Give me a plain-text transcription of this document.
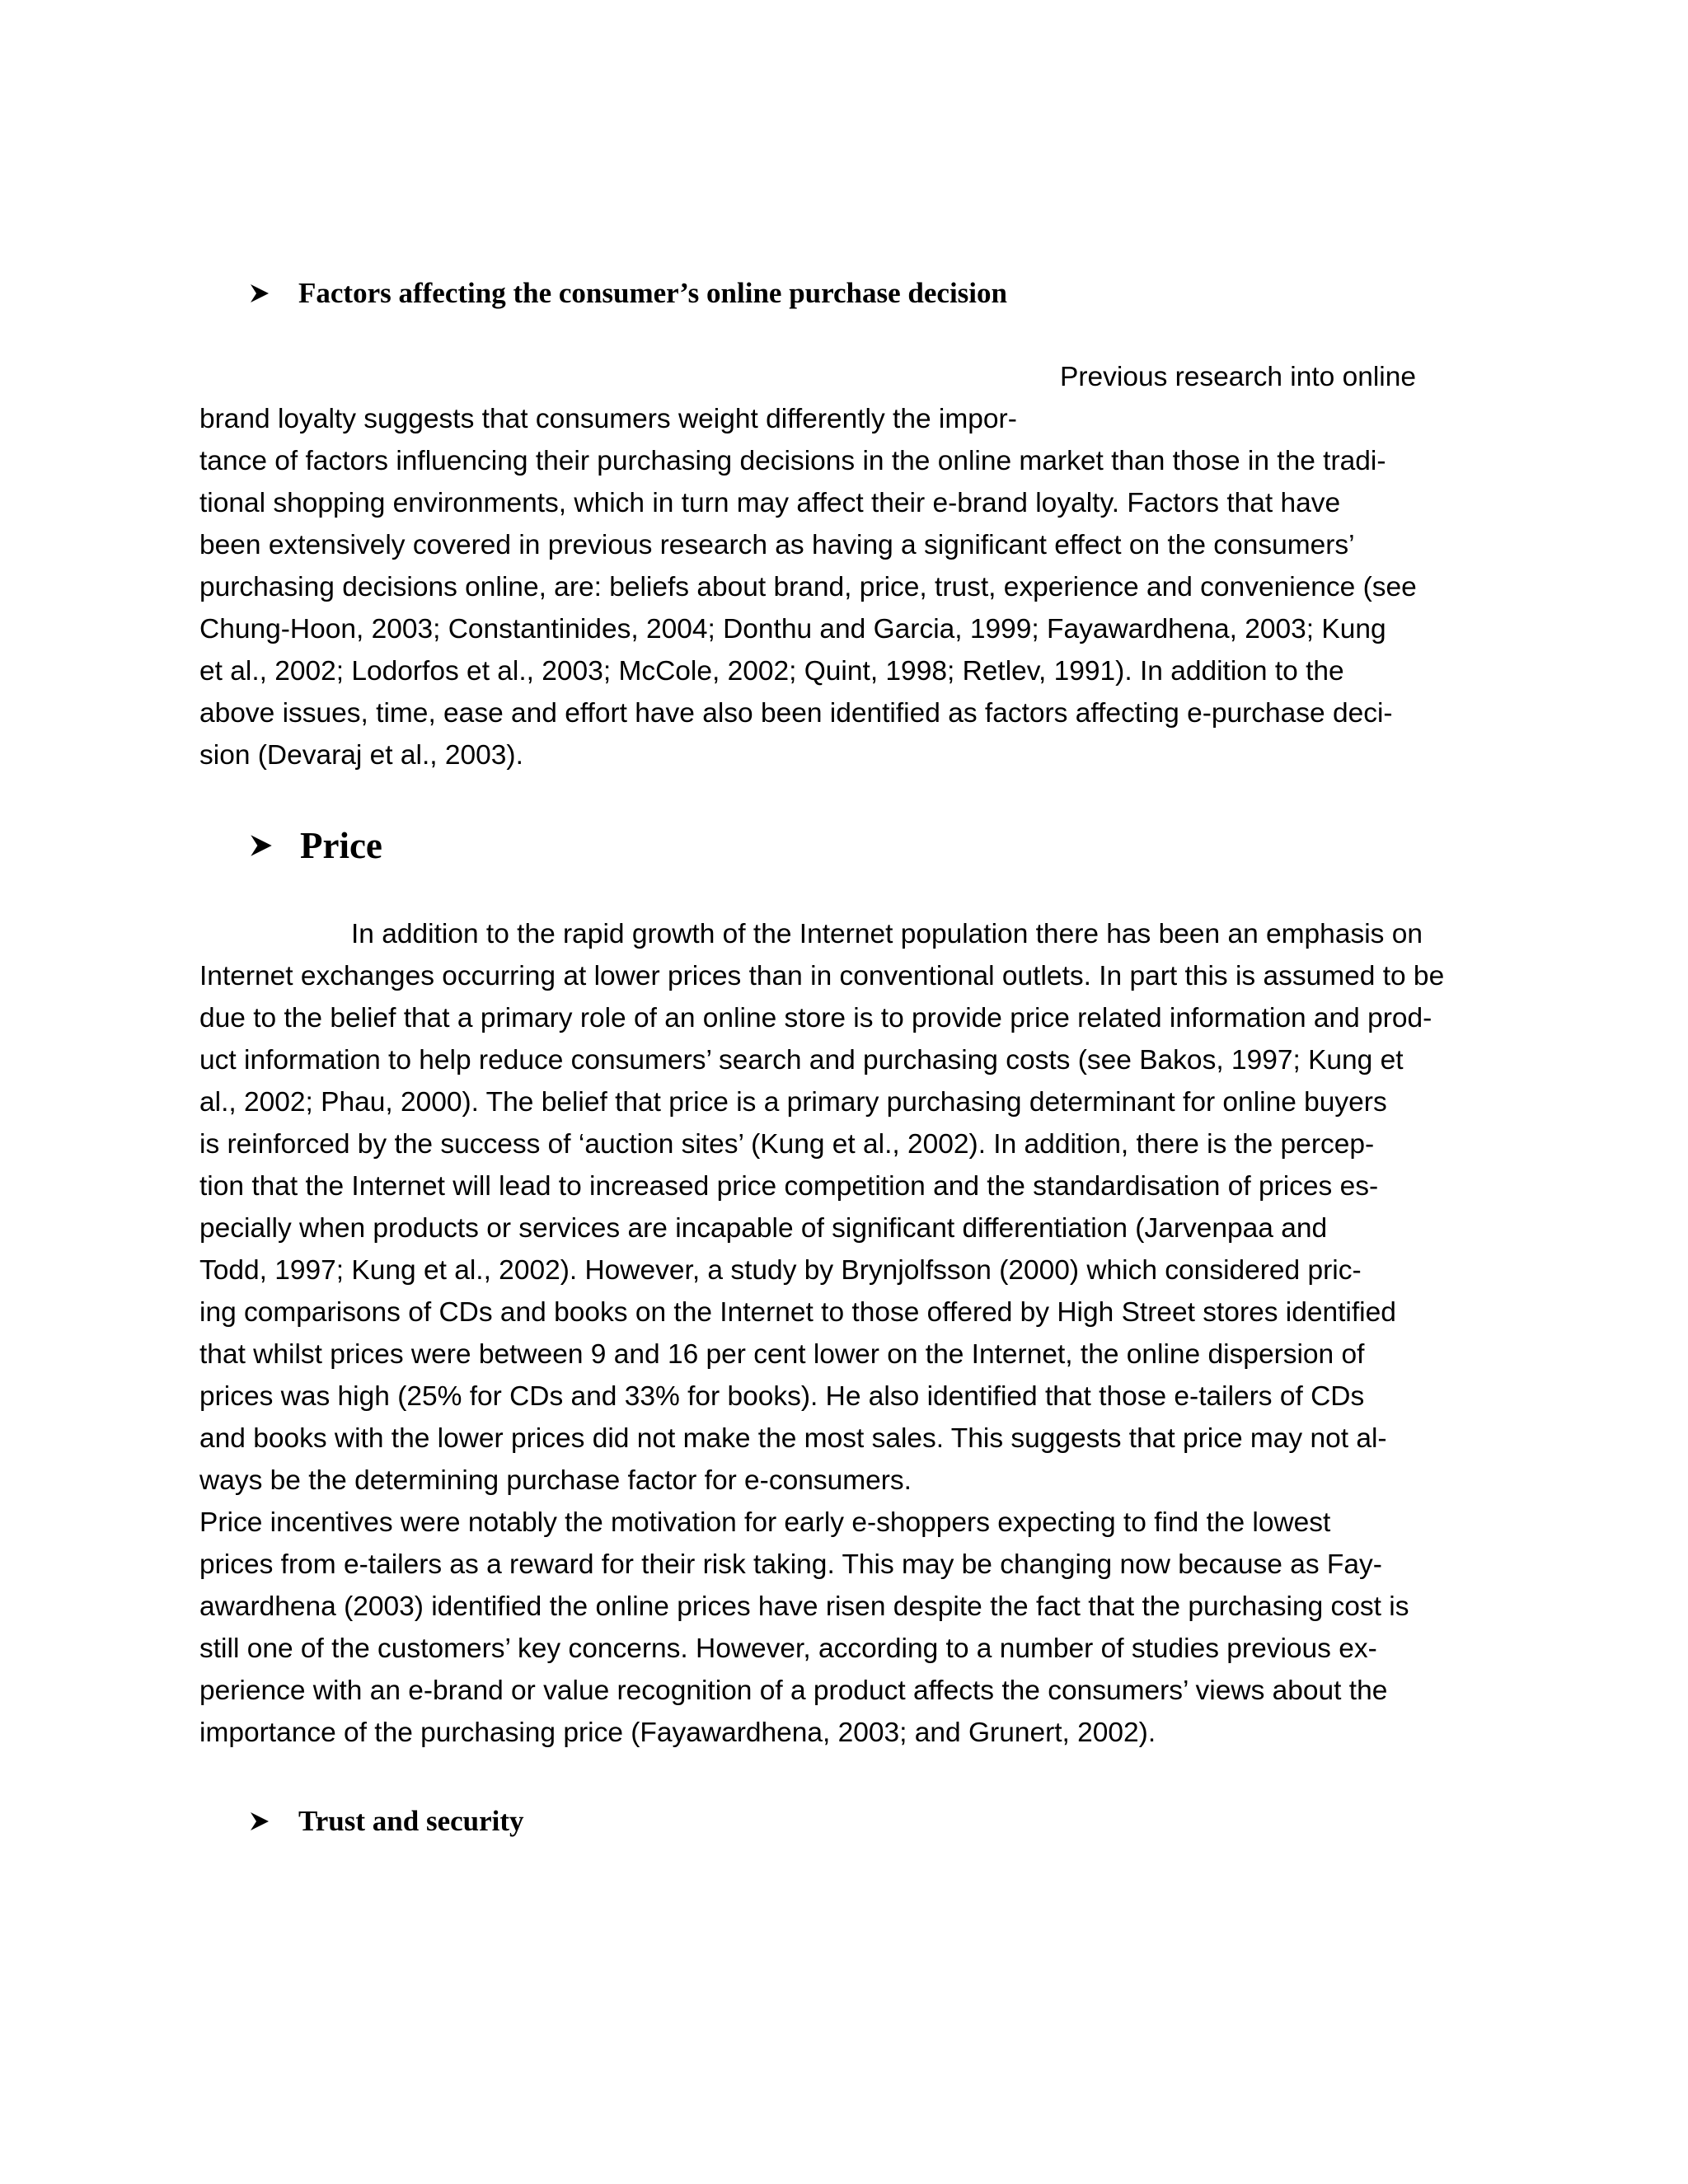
Factors affecting the consumer’s online purchase decision
Previous research into online
brand loyalty suggests that consumers weight differently the impor-
tance of factors influencing their purchasing decisions in the online market than those in the tradi-
tional shopping environments, which in turn may affect their e-brand loyalty. Factors that have
been extensively covered in previous research as having a significant effect on the consumers’
purchasing decisions online, are: beliefs about brand, price, trust, experience and convenience (see
Chung-Hoon, 2003; Constantinides, 2004; Donthu and Garcia, 1999; Fayawardhena, 2003; Kung
et al., 2002; Lodorfos et al., 2003; McCole, 2002; Quint, 1998; Retlev, 1991). In addition to the
above issues, time, ease and effort have also been identified as factors affecting e-purchase deci-
sion (Devaraj et al., 2003).
Price
In addition to the rapid growth of the Internet population there has been an emphasis on
Internet exchanges occurring at lower prices than in conventional outlets. In part this is assumed to be
due to the belief that a primary role of an online store is to provide price related information and prod-
uct information to help reduce consumers’ search and purchasing costs (see Bakos, 1997; Kung et
al., 2002; Phau, 2000). The belief that price is a primary purchasing determinant for online buyers
is reinforced by the success of ‘auction sites’ (Kung et al., 2002). In addition, there is the percep-
tion that the Internet will lead to increased price competition and the standardisation of prices es-
pecially when products or services are incapable of significant differentiation (Jarvenpaa and
Todd, 1997; Kung et al., 2002). However, a study by Brynjolfsson (2000) which considered pric-
ing comparisons of CDs and books on the Internet to those offered by High Street stores identified
that whilst prices were between 9 and 16 per cent lower on the Internet, the online dispersion of
prices was high (25% for CDs and 33% for books). He also identified that those e-tailers of CDs
and books with the lower prices did not make the most sales. This suggests that price may not al-
ways be the determining purchase factor for e-consumers.
Price incentives were notably the motivation for early e-shoppers expecting to find the lowest
prices from e-tailers as a reward for their risk taking. This may be changing now because as Fay-
awardhena (2003) identified the online prices have risen despite the fact that the purchasing cost is
still one of the customers’ key concerns. However, according to a number of studies previous ex-
perience with an e-brand or value recognition of a product affects the consumers’ views about the
importance of the purchasing price (Fayawardhena, 2003; and Grunert, 2002).
Trust and security
